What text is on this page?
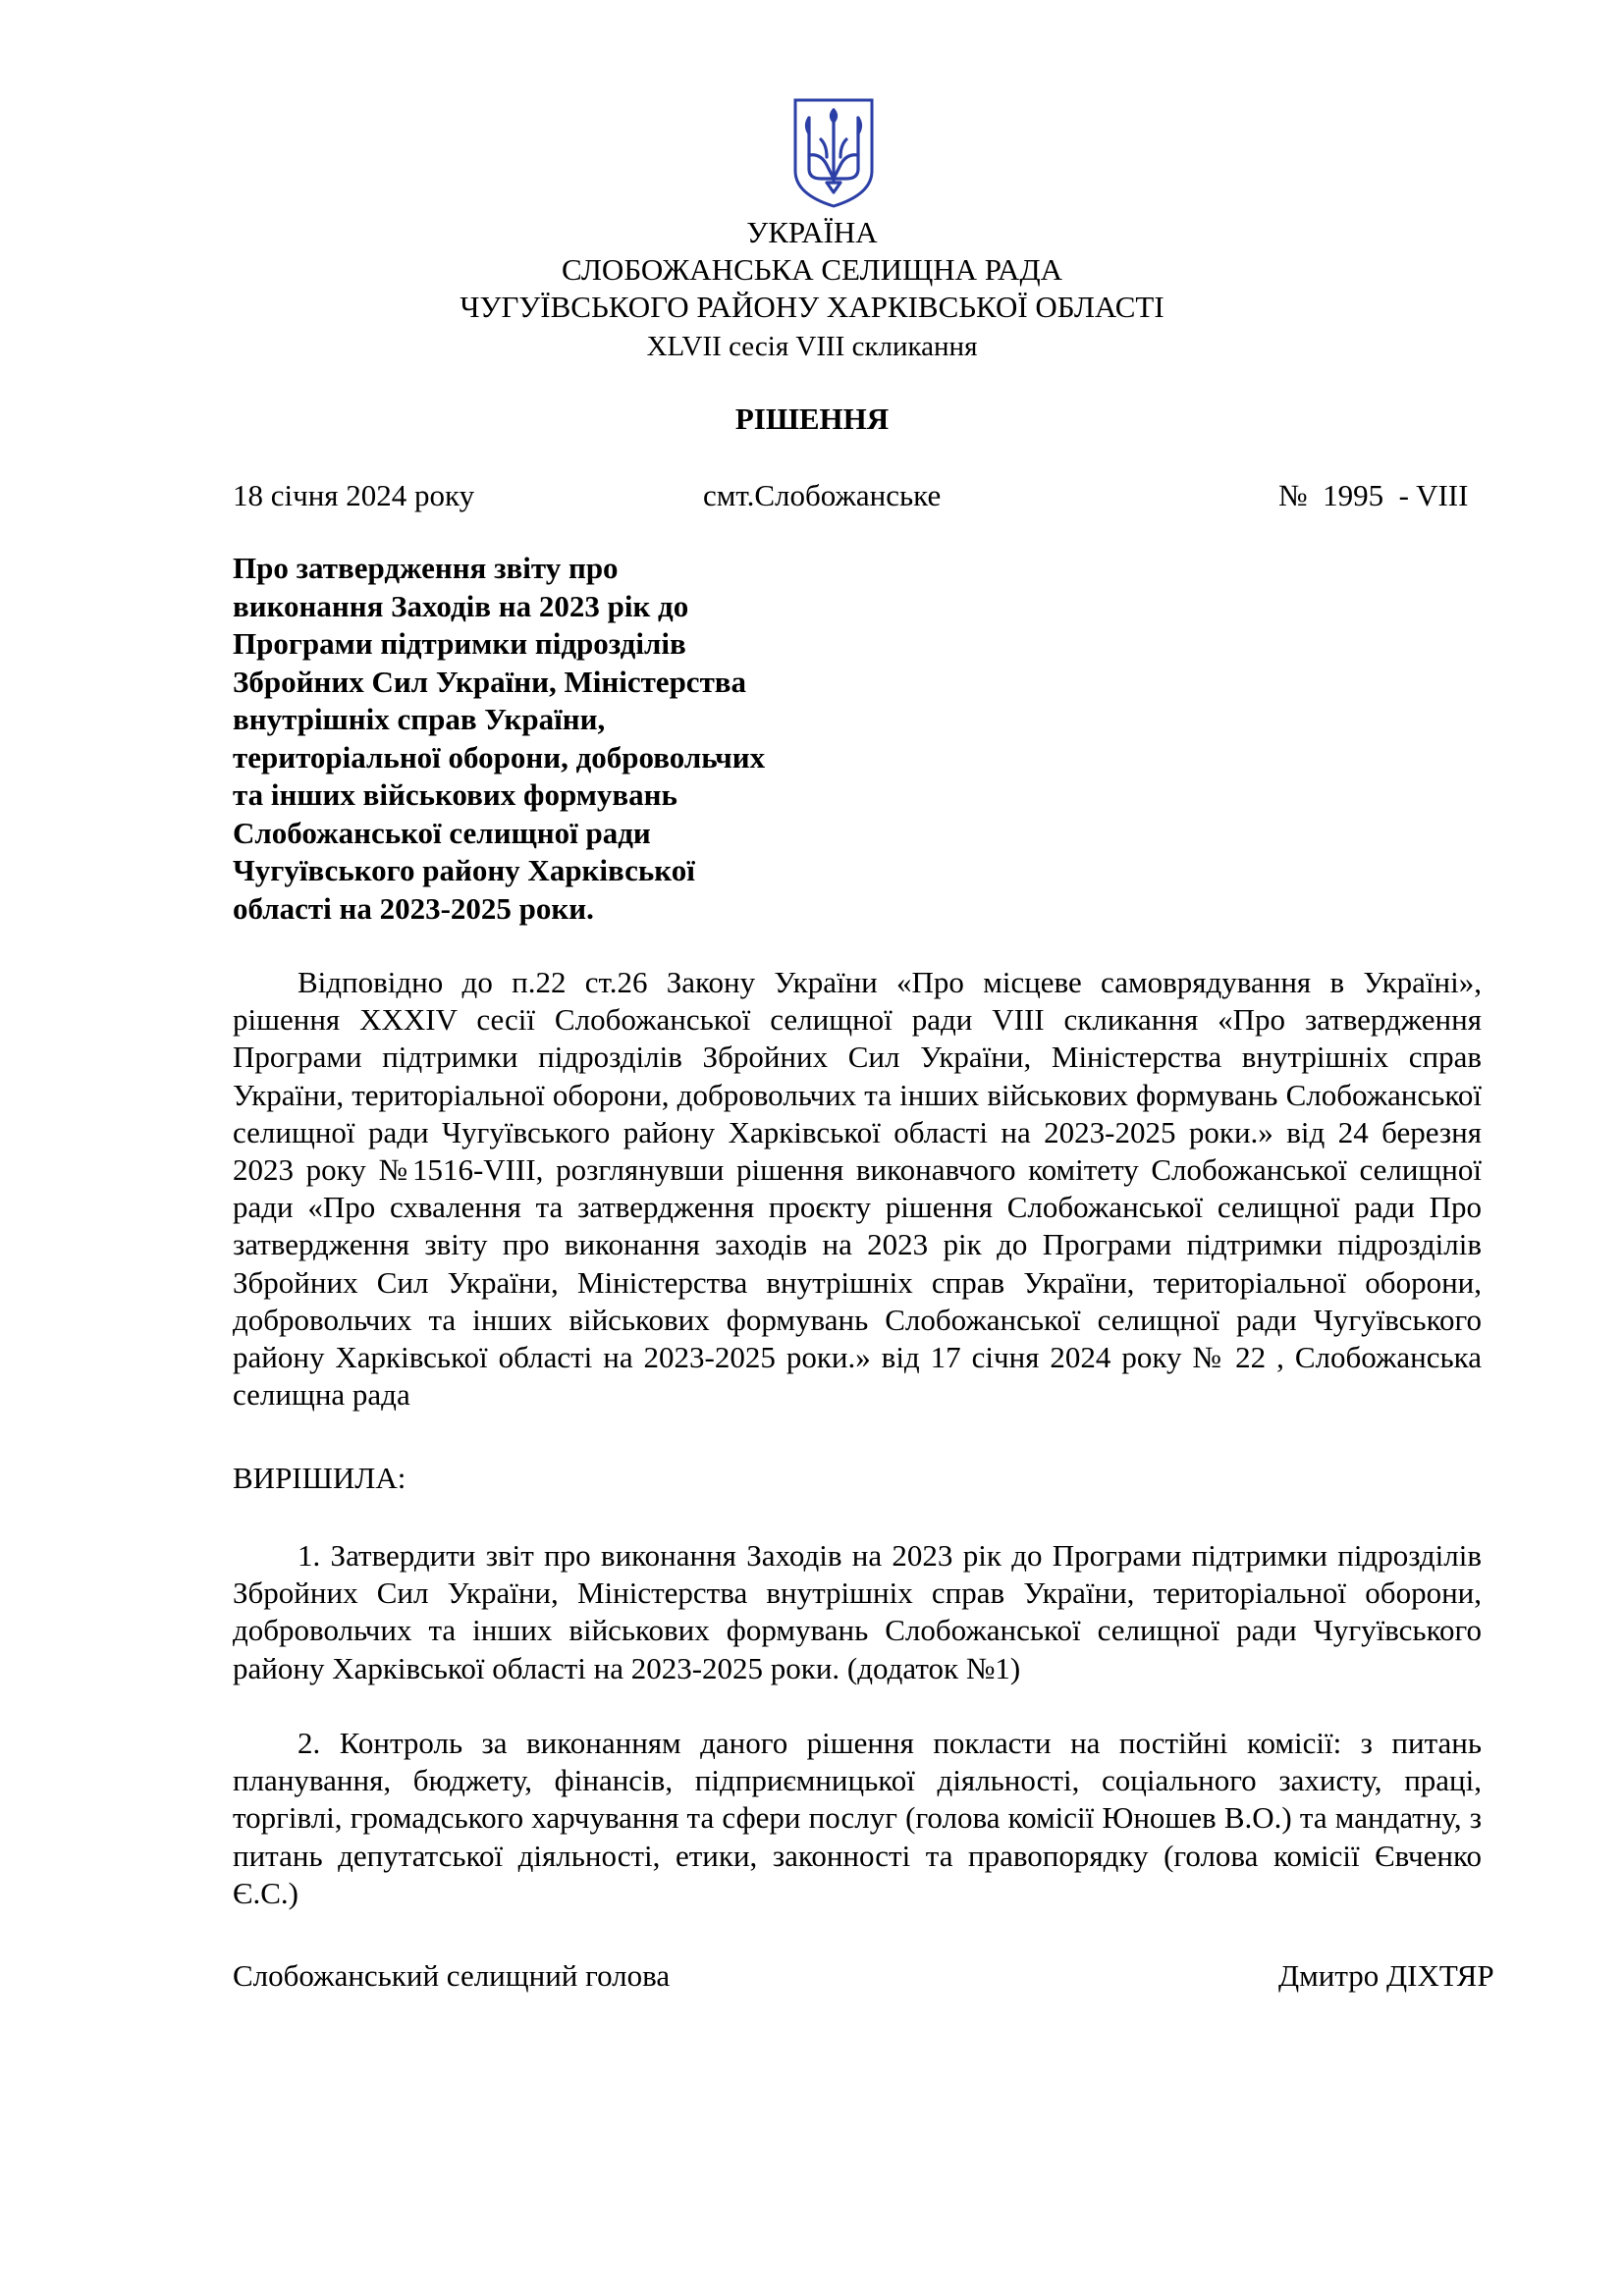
УКРАЇНА
СЛОБОЖАНСЬКА СЕЛИЩНА РАДА
ЧУГУЇВСЬКОГО РАЙОНУ ХАРКІВСЬКОЇ ОБЛАСТІ
XLVII сесія VIII скликання
РІШЕННЯ
18 січня 2024 року	смт.Слобожанське	№  1995  - VIII
Про затвердження звіту про
виконання Заходів на 2023 рік до
Програми підтримки підрозділів
Збройних Сил України, Міністерства
внутрішніх справ України,
територіальної оборони, добровольчих
та інших військових формувань
Слобожанської селищної ради
Чугуївського району Харківської
області на 2023-2025 роки.
Відповідно до п.22 ст.26 Закону України «Про місцеве самоврядування в Україні», рішення XXXIV сесії Слобожанської селищної ради VIII скликання «Про затвердження Програми підтримки підрозділів Збройних Сил України, Міністерства внутрішніх справ України, територіальної оборони, добровольчих та інших військових формувань Слобожанської селищної ради Чугуївського району Харківської області на 2023-2025 роки.» від 24 березня 2023 року №1516-VIII, розглянувши рішення виконавчого комітету Слобожанської селищної ради «Про схвалення та затвердження проєкту рішення Слобожанської селищної ради Про затвердження звіту про виконання заходів на 2023 рік до Програми підтримки підрозділів Збройних Сил України, Міністерства внутрішніх справ України, територіальної оборони, добровольчих та інших військових формувань Слобожанської селищної ради Чугуївського району Харківської області на 2023-2025 роки.» від 17 січня 2024 року № 22 , Слобожанська селищна рада
ВИРІШИЛА:
1. Затвердити звіт про виконання Заходів на 2023 рік до Програми підтримки підрозділів Збройних Сил України, Міністерства внутрішніх справ України, територіальної оборони, добровольчих та інших військових формувань Слобожанської селищної ради Чугуївського району Харківської області на 2023-2025 роки. (додаток №1)
2. Контроль за виконанням даного рішення покласти на постійні комісії: з питань планування, бюджету, фінансів, підприємницької діяльності, соціального захисту, праці, торгівлі, громадського харчування та сфери послуг (голова комісії Юношев В.О.) та мандатну, з питань депутатської діяльності, етики, законності та правопорядку (голова комісії Євченко Є.С.)
Слобожанський селищний голова	Дмитро ДІХТЯР
